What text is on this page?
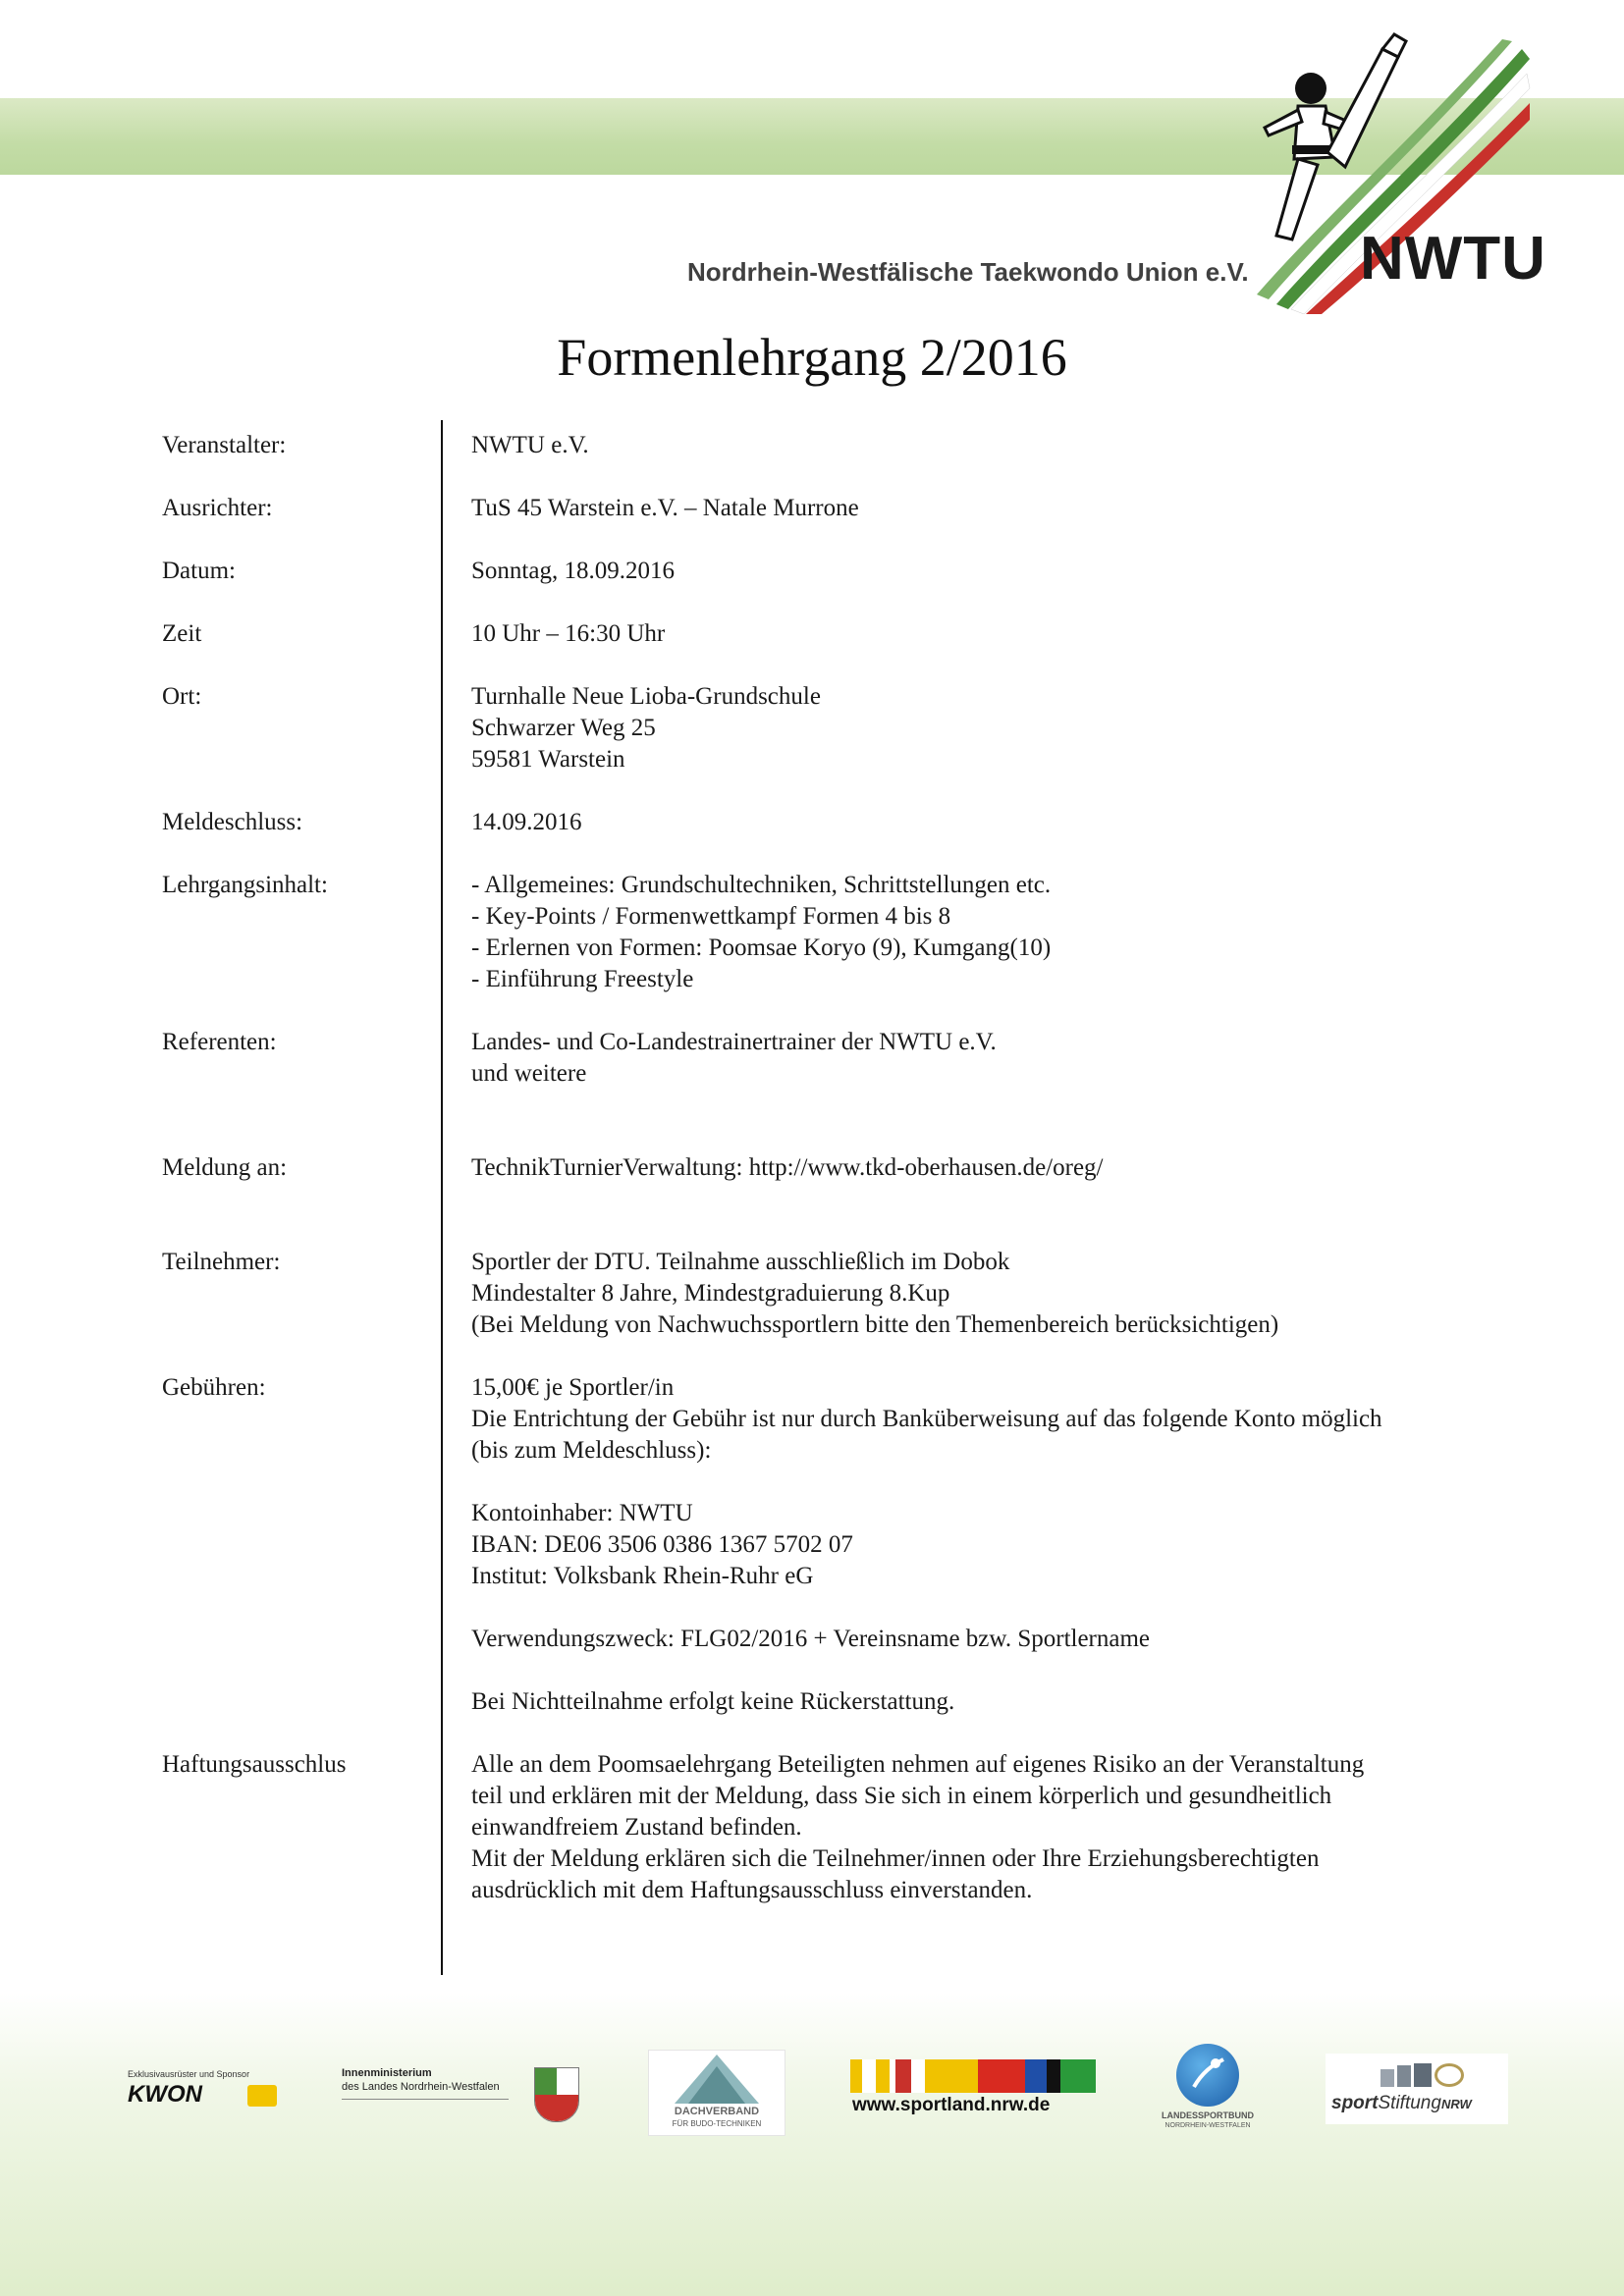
NWTU
Nordrhein-Westfälische Taekwondo Union e.V.
Formenlehrgang 2/2016
Veranstalter:	NWTU e.V.
Ausrichter:	TuS 45 Warstein e.V. – Natale Murrone
Datum:	Sonntag, 18.09.2016
Zeit	10 Uhr – 16:30 Uhr
Ort:	Turnhalle Neue Lioba-Grundschule
Schwarzer Weg 25
59581 Warstein
Meldeschluss:	14.09.2016
Lehrgangsinhalt:	- Allgemeines: Grundschultechniken, Schrittstellungen etc.
- Key-Points / Formenwettkampf Formen 4 bis 8
- Erlernen von Formen: Poomsae Koryo (9), Kumgang(10)
- Einführung Freestyle
Referenten:	Landes- und Co-Landestrainertrainer der NWTU e.V.
und weitere
Meldung an:	TechnikTurnierVerwaltung: http://www.tkd-oberhausen.de/oreg/
Teilnehmer:	Sportler der DTU. Teilnahme ausschließlich im Dobok
Mindestalter 8 Jahre, Mindestgraduierung 8.Kup
(Bei Meldung von Nachwuchssportlern bitte den Themenbereich berücksichtigen)
Gebühren:	15,00€ je Sportler/in
Die Entrichtung der Gebühr ist nur durch Banküberweisung auf das folgende Konto möglich
(bis zum Meldeschluss):
Kontoinhaber: NWTU
IBAN: DE06 3506 0386 1367 5702 07
Institut: Volksbank Rhein-Ruhr eG
Verwendungszweck: FLG02/2016 + Vereinsname bzw. Sportlername
Bei Nichtteilnahme erfolgt keine Rückerstattung.
Haftungsausschlus	Alle an dem Poomsaelehrgang Beteiligten nehmen auf eigenes Risiko an der Veranstaltung
teil und erklären mit der Meldung, dass Sie sich in einem körperlich und gesundheitlich
einwandfreiem Zustand befinden.
Mit der Meldung erklären sich die Teilnehmer/innen oder Ihre Erziehungsberechtigten
ausdrücklich mit dem Haftungsausschluss einverstanden.
Exklusivausrüster und Sponsor
KWON
Innenministerium
des Landes Nordrhein-Westfalen
DACHVERBAND
FÜR BUDO-TECHNIKEN
www.sportland.nrw.de	LANDESSPORTBUND
NORDRHEIN-WESTFALEN
sportStiftungNRW
